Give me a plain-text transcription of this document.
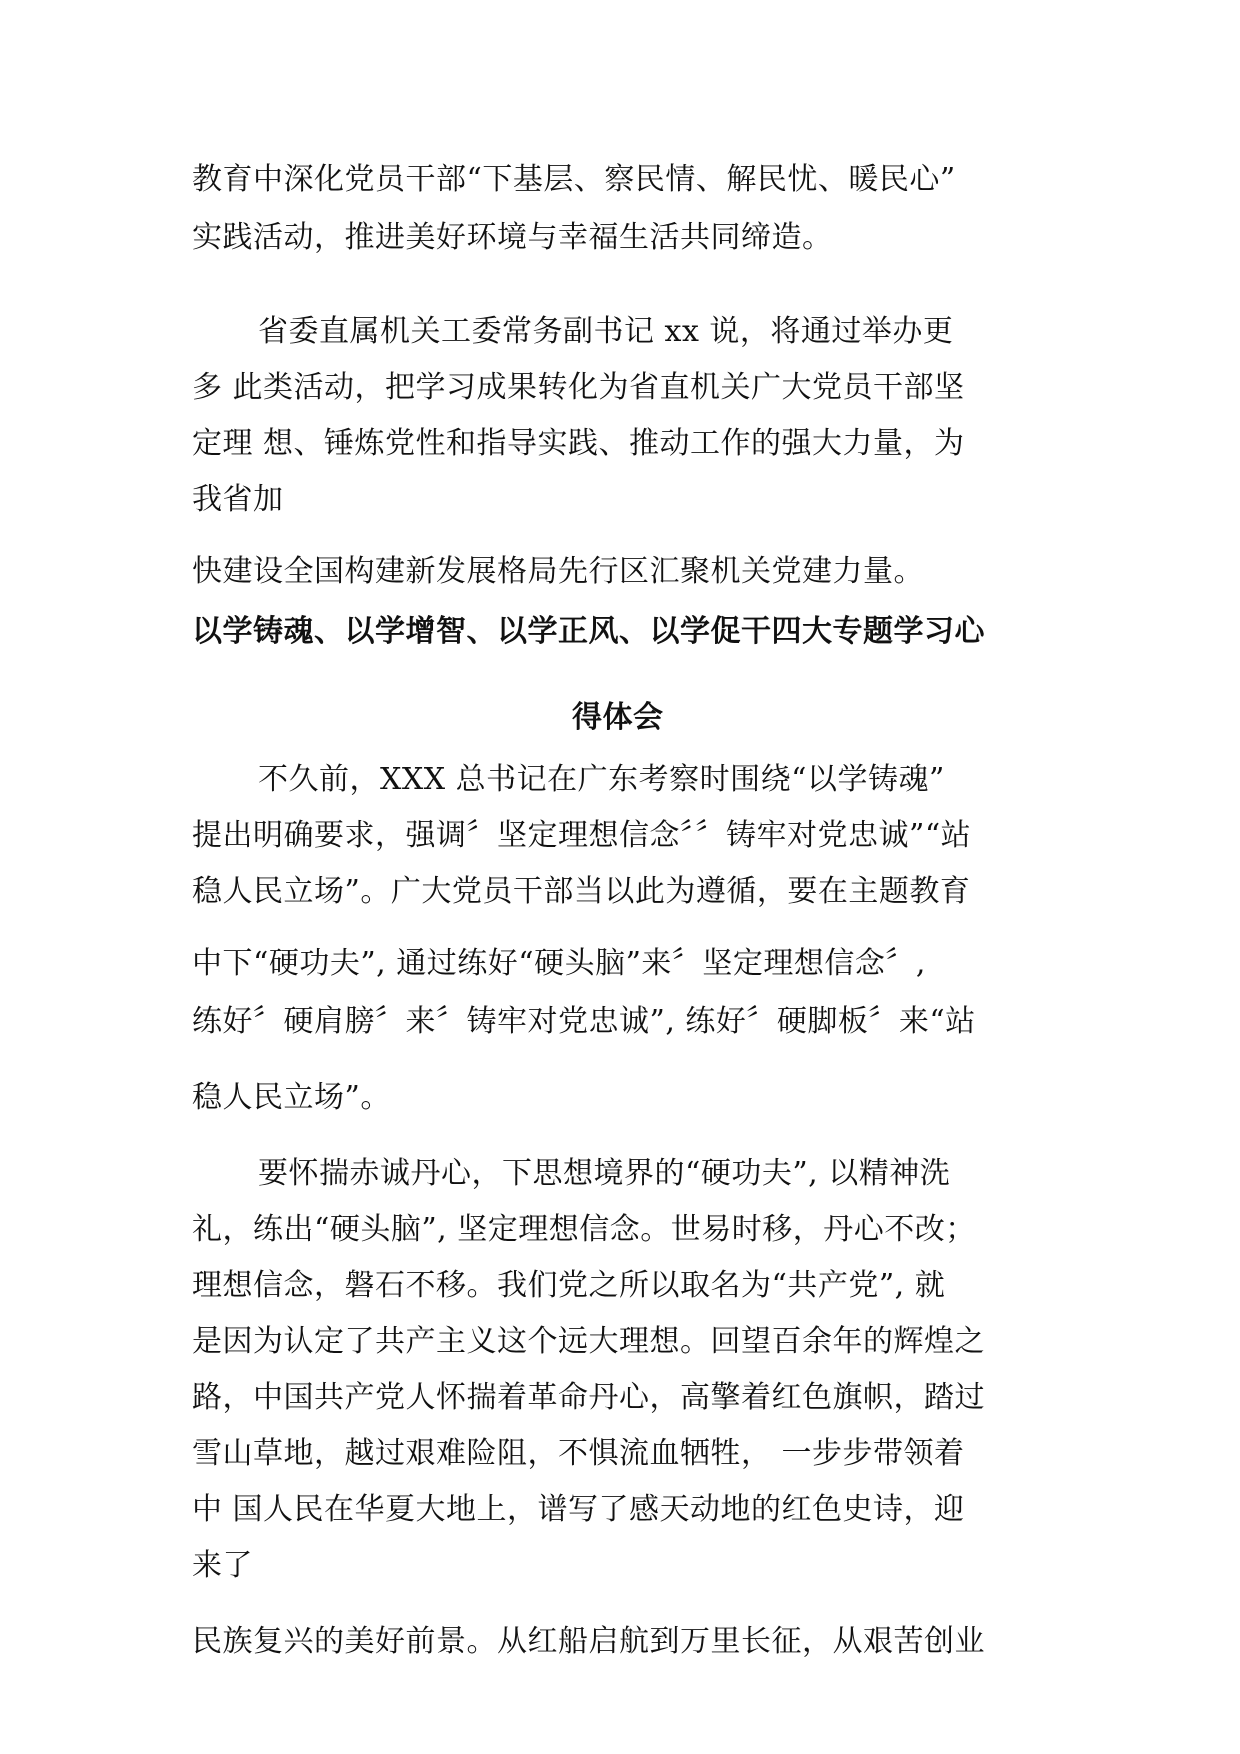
教育中深化党员干部“下基层、察民情、解民忧、暖民心”
实践活动，推进美好环境与幸福生活共同缔造。
省委直属机关工委常务副书记 xx 说，将通过举办更
多 此类活动，把学习成果转化为省直机关广大党员干部坚
定理 想、锤炼党性和指导实践、推动工作的强大力量，为
我省加
快建设全国构建新发展格局先行区汇聚机关党建力量。
以学铸魂、以学增智、以学正风、以学促干四大专题学习心
得体会
不久前，XXX 总书记在广东考察时围绕“以学铸魂”
提出明确要求，强调〞坚定理想信念〞〞铸牢对党忠诚”“站
稳人民立场”。广大党员干部当以此为遵循，要在主题教育
中下“硬功夫”, 通过练好“硬头脑”来〞坚定理想信念〞,
练好〞硬肩膀〞来〞铸牢对党忠诚”, 练好〞硬脚板〞来“站
稳人民立场”。
要怀揣赤诚丹心，下思想境界的“硬功夫”, 以精神洗
礼，练出“硬头脑”, 坚定理想信念。世易时移，丹心不改；
理想信念，磐石不移。我们党之所以取名为“共产党”, 就
是因为认定了共产主义这个远大理想。回望百余年的辉煌之
路，中国共产党人怀揣着革命丹心，高擎着红色旗帜，踏过
雪山草地，越过艰难险阻，不惧流血牺牲， 一步步带领着
中 国人民在华夏大地上，谱写了感天动地的红色史诗，迎
来了
民族复兴的美好前景。从红船启航到万里长征，从艰苦创业
